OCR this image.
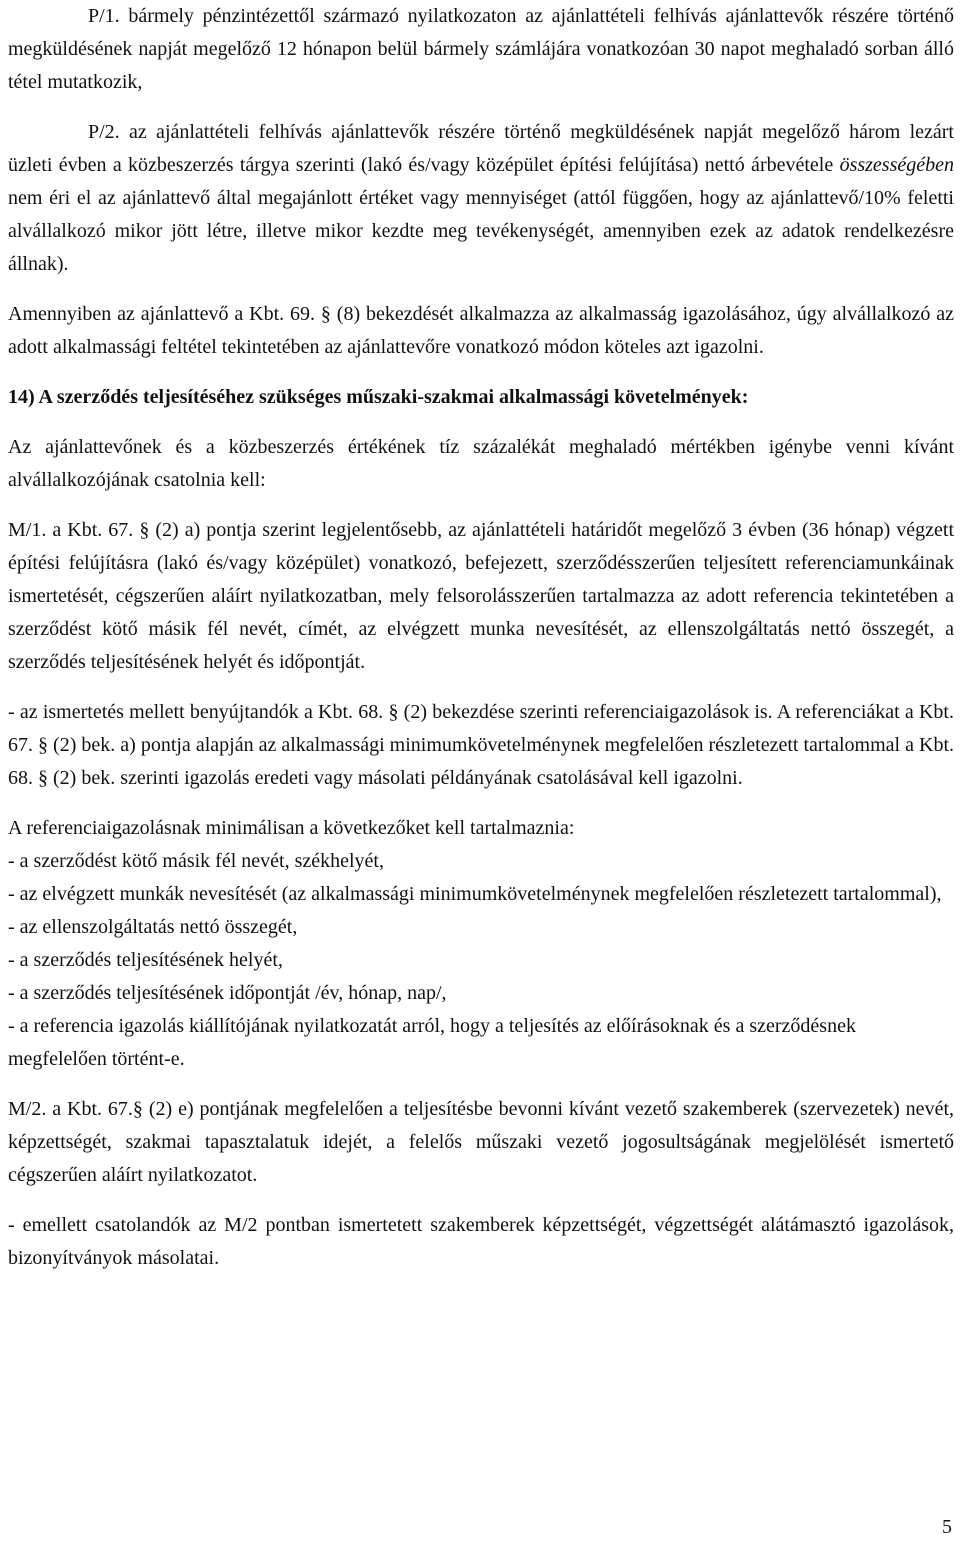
P/1. bármely pénzintézettől származó nyilatkozaton az ajánlattételi felhívás ajánlattevők részére történő megküldésének napját megelőző 12 hónapon belül bármely számlájára vonatkozóan 30 napot meghaladó sorban álló tétel mutatkozik,

P/2. az ajánlattételi felhívás ajánlattevők részére történő megküldésének napját megelőző három lezárt üzleti évben a közbeszerzés tárgya szerinti (lakó és/vagy középület építési felújítása) nettó árbevétele összességében nem éri el az ajánlattevő által megajánlott értéket vagy mennyiséget (attól függően, hogy az ajánlattevő/10% feletti alvállalkozó mikor jött létre, illetve mikor kezdte meg tevékenységét, amennyiben ezek az adatok rendelkezésre állnak).

Amennyiben az ajánlattevő a Kbt. 69. § (8) bekezdését alkalmazza az alkalmasság igazolásához, úgy alvállalkozó az adott alkalmassági feltétel tekintetében az ajánlattevőre vonatkozó módon köteles azt igazolni.

14) A szerződés teljesítéséhez szükséges műszaki-szakmai alkalmassági követelmények:

Az ajánlattevőnek és a közbeszerzés értékének tíz százalékát meghaladó mértékben igénybe venni kívánt alvállalkozójának csatolnia kell:

M/1. a Kbt. 67. § (2) a) pontja szerint legjelentősebb, az ajánlattételi határidőt megelőző 3 évben (36 hónap) végzett építési felújításra (lakó és/vagy középület) vonatkozó, befejezett, szerződésszerűen teljesített referenciamunkáinak ismertetését, cégszerűen aláírt nyilatkozatban, mely felsorolásszerűen tartalmazza az adott referencia tekintetében a szerződést kötő másik fél nevét, címét, az elvégzett munka nevesítését, az ellenszolgáltatás nettó összegét, a szerződés teljesítésének helyét és időpontját.

- az ismertetés mellett benyújtandók a Kbt. 68. § (2) bekezdése szerinti referenciaigazolások is. A referenciákat a Kbt. 67. § (2) bek. a) pontja alapján az alkalmassági minimumkövetelménynek megfelelően részletezett tartalommal a Kbt. 68. § (2) bek. szerinti igazolás eredeti vagy másolati példányának csatolásával kell igazolni.

A referenciaigazolásnak minimálisan a következőket kell tartalmaznia:

- a szerződést kötő másik fél nevét, székhelyét,

- az elvégzett munkák nevesítését (az alkalmassági minimumkövetelménynek megfelelően részletezett tartalommal),

- az ellenszolgáltatás nettó összegét,

- a szerződés teljesítésének helyét,

- a szerződés teljesítésének időpontját /év, hónap, nap/,

- a referencia igazolás kiállítójának nyilatkozatát arról, hogy a teljesítés az előírásoknak és a szerződésnek megfelelően történt-e.

M/2. a Kbt. 67.§ (2) e) pontjának megfelelően a teljesítésbe bevonni kívánt vezető szakemberek (szervezetek) nevét, képzettségét, szakmai tapasztalatuk idejét, a felelős műszaki vezető jogosultságának megjelölését ismertető cégszerűen aláírt nyilatkozatot.

- emellett csatolandók az M/2 pontban ismertetett szakemberek képzettségét, végzettségét alátámasztó igazolások, bizonyítványok másolatai.

5
